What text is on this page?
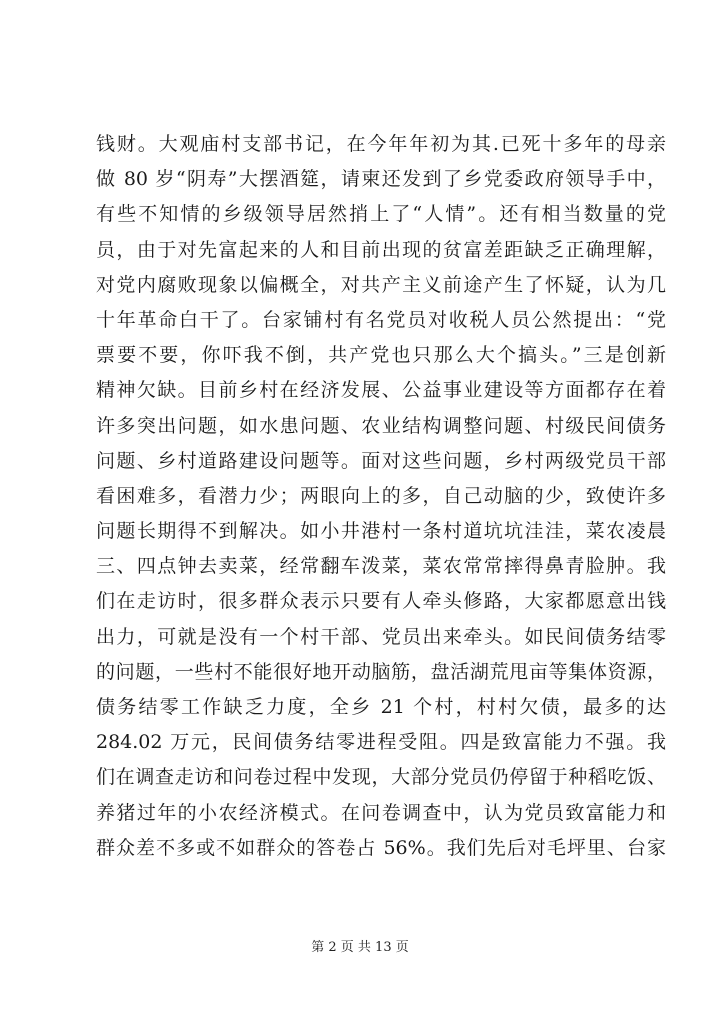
钱财。大观庙村支部书记，在今年年初为其.已死十多年的母亲
做 80 岁“阴寿”大摆酒筵，请柬还发到了乡党委政府领导手中，
有些不知情的乡级领导居然捎上了“人情”。还有相当数量的党
员，由于对先富起来的人和目前出现的贫富差距缺乏正确理解，
对党内腐败现象以偏概全，对共产主义前途产生了怀疑，认为几
十年革命白干了。台家铺村有名党员对收税人员公然提出：“党
票要不要，你吓我不倒，共产党也只那么大个搞头。”三是创新
精神欠缺。目前乡村在经济发展、公益事业建设等方面都存在着
许多突出问题，如水患问题、农业结构调整问题、村级民间债务
问题、乡村道路建设问题等。面对这些问题，乡村两级党员干部
看困难多，看潜力少；两眼向上的多，自己动脑的少，致使许多
问题长期得不到解决。如小井港村一条村道坑坑洼洼，菜农凌晨
三、四点钟去卖菜，经常翻车泼菜，菜农常常摔得鼻青脸肿。我
们在走访时，很多群众表示只要有人牵头修路，大家都愿意出钱
出力，可就是没有一个村干部、党员出来牵头。如民间债务结零
的问题，一些村不能很好地开动脑筋，盘活湖荒甩亩等集体资源，
债务结零工作缺乏力度，全乡 21 个村，村村欠债，最多的达
284.02 万元，民间债务结零进程受阻。四是致富能力不强。我
们在调查走访和问卷过程中发现，大部分党员仍停留于种稻吃饭、
养猪过年的小农经济模式。在问卷调查中，认为党员致富能力和
群众差不多或不如群众的答卷占 56%。我们先后对毛坪里、台家
第 2 页 共 13 页
